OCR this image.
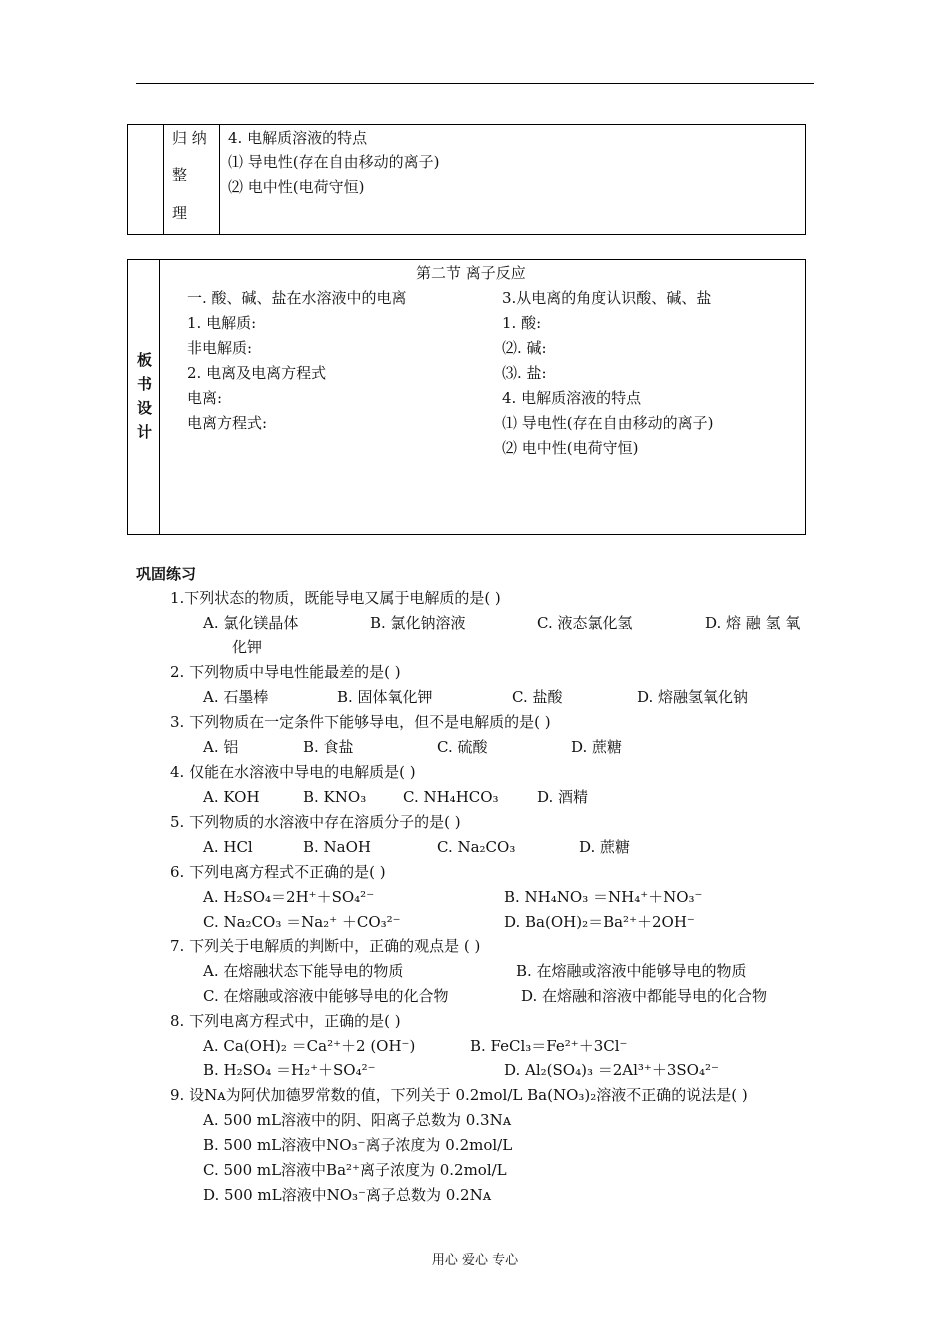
归 纳
整
理
4. 电解质溶液的特点
⑴ 导电性(存在自由移动的离子)
⑵ 电中性(电荷守恒)
板
书
设
计
第二节 离子反应
一. 酸、碱、盐在水溶液中的电离
1. 电解质:
非电解质:
2. 电离及电离方程式
电离:
电离方程式:
3.从电离的角度认识酸、碱、盐
1. 酸:
⑵. 碱:
⑶. 盐:
4. 电解质溶液的特点
⑴ 导电性(存在自由移动的离子)
⑵ 电中性(电荷守恒)
巩固练习
1.下列状态的物质，既能导电又属于电解质的是( )
A. 氯化镁晶体	B. 氯化钠溶液	C. 液态氯化氢	D. 熔 融 氢 氧
化钾
2. 下列物质中导电性能最差的是( )
A. 石墨棒	B. 固体氧化钾	C. 盐酸	D. 熔融氢氧化钠
3. 下列物质在一定条件下能够导电，但不是电解质的是( )
A. 铝	B. 食盐	C. 硫酸	D. 蔗糖
4. 仅能在水溶液中导电的电解质是( )
A. KOH	B. KNO₃ C. NH₄HCO₃	D. 酒精
5. 下列物质的水溶液中存在溶质分子的是( )
A. HCl	B. NaOH	C. Na₂CO₃	D. 蔗糖
6. 下列电离方程式不正确的是( )
A. H₂SO₄＝2H⁺＋SO₄²⁻	B. NH₄NO₃ ＝NH₄⁺＋NO₃⁻
C. Na₂CO₃ ＝Na₂⁺ ＋CO₃²⁻	D. Ba(OH)₂＝Ba²⁺＋2OH⁻
7. 下列关于电解质的判断中，正确的观点是 ( )
A. 在熔融状态下能导电的物质	B. 在熔融或溶液中能够导电的物质
C. 在熔融或溶液中能够导电的化合物	D. 在熔融和溶液中都能导电的化合物
8. 下列电离方程式中，正确的是( )
A. Ca(OH)₂ ＝Ca²⁺＋2 (OH⁻)	B. FeCl₃＝Fe²⁺＋3Cl⁻
B. H₂SO₄ ＝H₂⁺＋SO₄²⁻	D. Al₂(SO₄)₃ ＝2Al³⁺＋3SO₄²⁻
9. 设Nᴀ为阿伏加德罗常数的值，下列关于 0.2mol/L Ba(NO₃)₂溶液不正确的说法是( )
A. 500 mL溶液中的阴、阳离子总数为 0.3Nᴀ
B. 500 mL溶液中NO₃⁻离子浓度为 0.2mol/L
C. 500 mL溶液中Ba²⁺离子浓度为 0.2mol/L
D. 500 mL溶液中NO₃⁻离子总数为 0.2Nᴀ
用心 爱心 专心
